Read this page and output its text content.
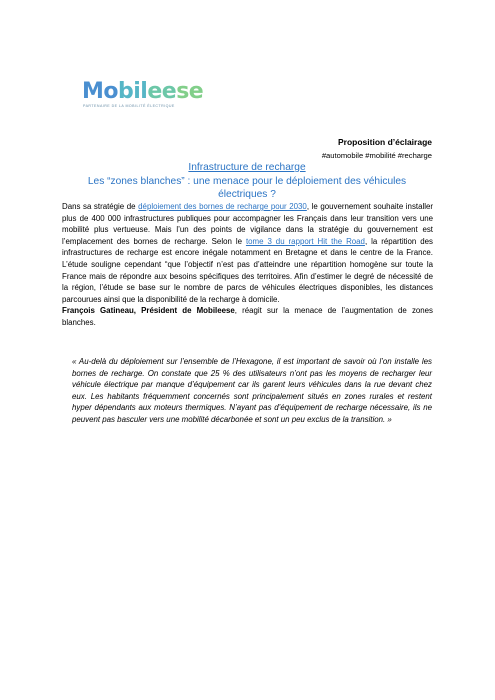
Mobileese
PARTENAIRE DE LA MOBILITÉ ÉLECTRIQUE
Proposition d’éclairage
#automobile #mobilité #recharge
Infrastructure de recharge
Les “zones blanches” : une menace pour le déploiement des véhicules électriques ?

Dans sa stratégie de déploiement des bornes de recharge pour 2030, le gouvernement souhaite installer plus de 400 000 infrastructures publiques pour accompagner les Français dans leur transition vers une mobilité plus vertueuse. Mais l’un des points de vigilance dans la stratégie du gouvernement est l’emplacement des bornes de recharge. Selon le tome 3 du rapport Hit the Road, la répartition des infrastructures de recharge est encore inégale notamment en Bretagne et dans le centre de la France. L’étude souligne cependant “que l’objectif n’est pas d’atteindre une répartition homogène sur toute la France mais de répondre aux besoins spécifiques des territoires. Afin d’estimer le degré de nécessité de la région, l’étude se base sur le nombre de parcs de véhicules électriques disponibles, les distances parcourues ainsi que la disponibilité de la recharge à domicile.

François Gatineau, Président de Mobileese, réagit sur la menace de l’augmentation de zones blanches.

« Au-delà du déploiement sur l’ensemble de l’Hexagone, il est important de savoir où l’on installe les bornes de recharge. On constate que 25 % des utilisateurs n’ont pas les moyens de recharger leur véhicule électrique par manque d’équipement car ils garent leurs véhicules dans la rue devant chez eux. Les habitants fréquemment concernés sont principalement situés en zones rurales et restent hyper dépendants aux moteurs thermiques. N’ayant pas d’équipement de recharge nécessaire, ils ne peuvent pas basculer vers une mobilité décarbonée et sont un peu exclus de la transition. »
